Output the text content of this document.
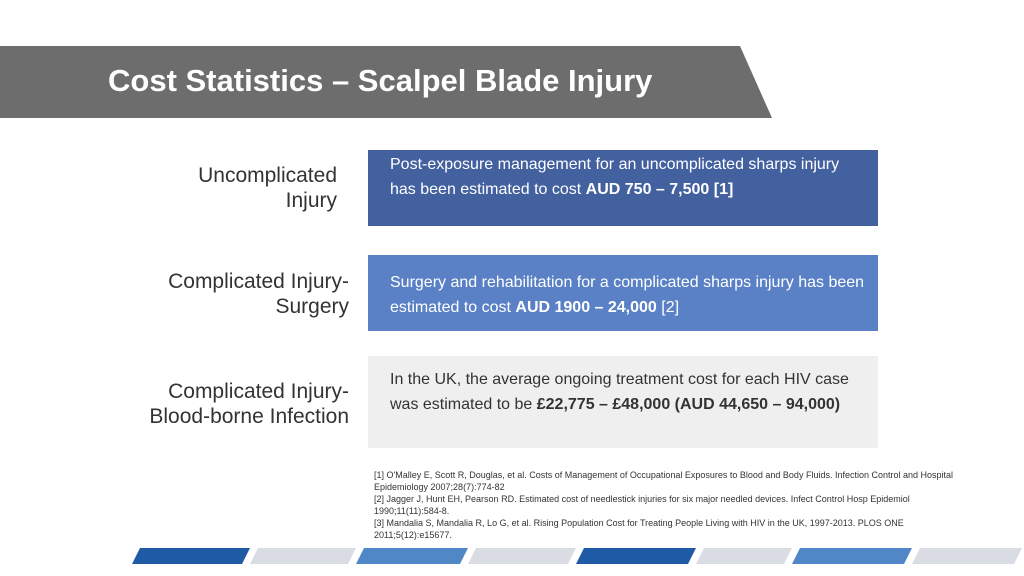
Cost Statistics – Scalpel Blade Injury
Uncomplicated
Injury
Post-exposure management for an uncomplicated sharps injury has been estimated to cost AUD 750 – 7,500 [1]
Complicated Injury-
Surgery
Surgery and rehabilitation for a complicated sharps injury has been estimated to cost AUD 1900 – 24,000 [2]
Complicated Injury-
Blood-borne Infection
In the UK, the average ongoing treatment cost for each HIV case was estimated to be £22,775 – £48,000 (AUD 44,650 – 94,000)
[1] O'Malley E, Scott R, Douglas, et al. Costs of Management of Occupational Exposures to Blood and Body Fluids. Infection Control and Hospital Epidemiology 2007;28(7):774-82
[2] Jagger J, Hunt EH, Pearson RD. Estimated cost of needlestick injuries for six major needled devices. Infect Control Hosp Epidemiol 1990;11(11):584-8.
[3] Mandalia S, Mandalia R, Lo G, et al. Rising Population Cost for Treating People Living with HIV in the UK, 1997-2013. PLOS ONE 2011;5(12):e15677.
